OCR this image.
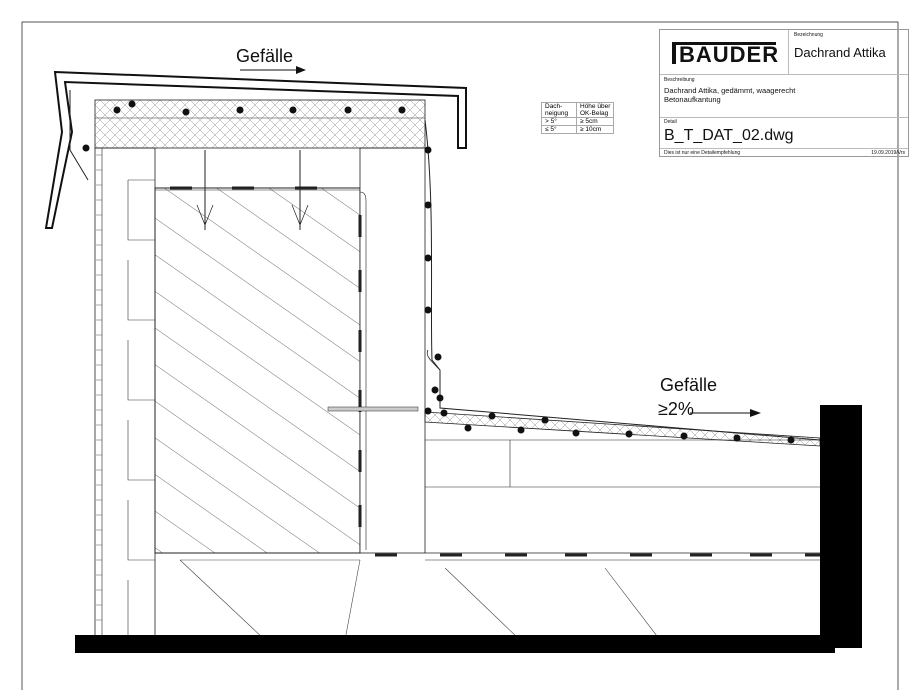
Gefälle
Gefälle
≥2%
Dach-
neigung	Höhe über
OK-Belag
> 5°	≥ 5cm
≤ 5°	≥ 10cm
BAUDER
Bezeichnung
Dachrand Attika
Beschreibung
Dachrand Attika, gedämmt, waagerecht
Betonaufkantung
Detail
B_T_DAT_02.dwg
Dies ist nur eine Detailempfehlung	19.09.2019/Vrs
